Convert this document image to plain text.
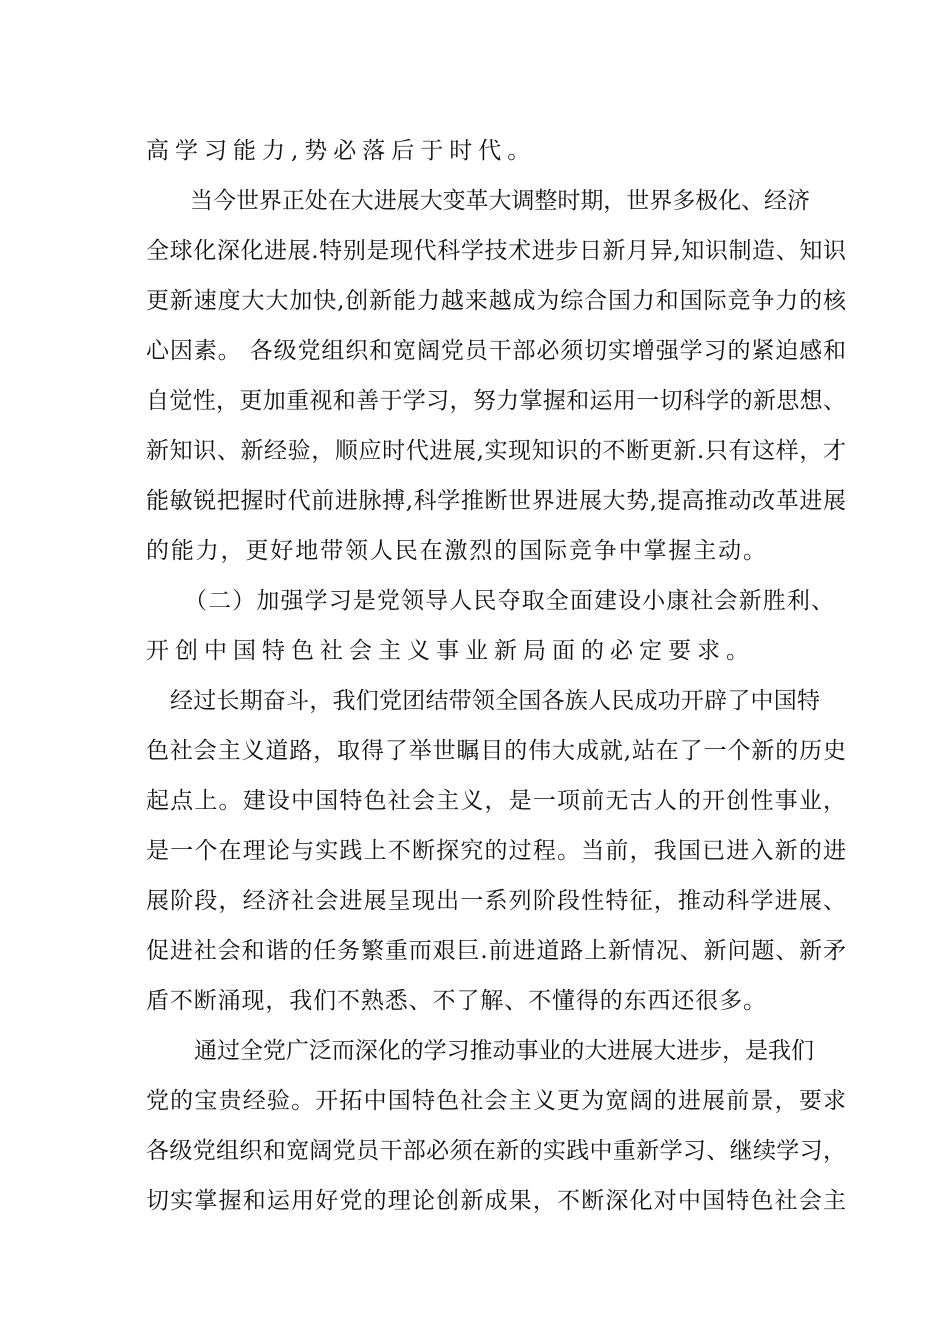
高学习能力,势必落后于时代。
当今世界正处在大进展大变革大调整时期，世界多极化、经济
全球化深化进展.特别是现代科学技术进步日新月异,知识制造、知识
更新速度大大加快,创新能力越来越成为综合国力和国际竞争力的核
心因素。 各级党组织和宽阔党员干部必须切实增强学习的紧迫感和
自觉性，更加重视和善于学习，努力掌握和运用一切科学的新思想、
新知识、新经验，顺应时代进展,实现知识的不断更新.只有这样，才
能敏锐把握时代前进脉搏,科学推断世界进展大势,提高推动改革进展
的能力，更好地带领人民在激烈的国际竞争中掌握主动。
（二）加强学习是党领导人民夺取全面建设小康社会新胜利、
开创中国特色社会主义事业新局面的必定要求。
经过长期奋斗，我们党团结带领全国各族人民成功开辟了中国特
色社会主义道路，取得了举世瞩目的伟大成就,站在了一个新的历史
起点上。建设中国特色社会主义，是一项前无古人的开创性事业，
是一个在理论与实践上不断探究的过程。当前，我国已进入新的进
展阶段，经济社会进展呈现出一系列阶段性特征，推动科学进展、
促进社会和谐的任务繁重而艰巨.前进道路上新情况、新问题、新矛
盾不断涌现，我们不熟悉、不了解、不懂得的东西还很多。
通过全党广泛而深化的学习推动事业的大进展大进步，是我们
党的宝贵经验。开拓中国特色社会主义更为宽阔的进展前景，要求
各级党组织和宽阔党员干部必须在新的实践中重新学习、继续学习，
切实掌握和运用好党的理论创新成果，不断深化对中国特色社会主
